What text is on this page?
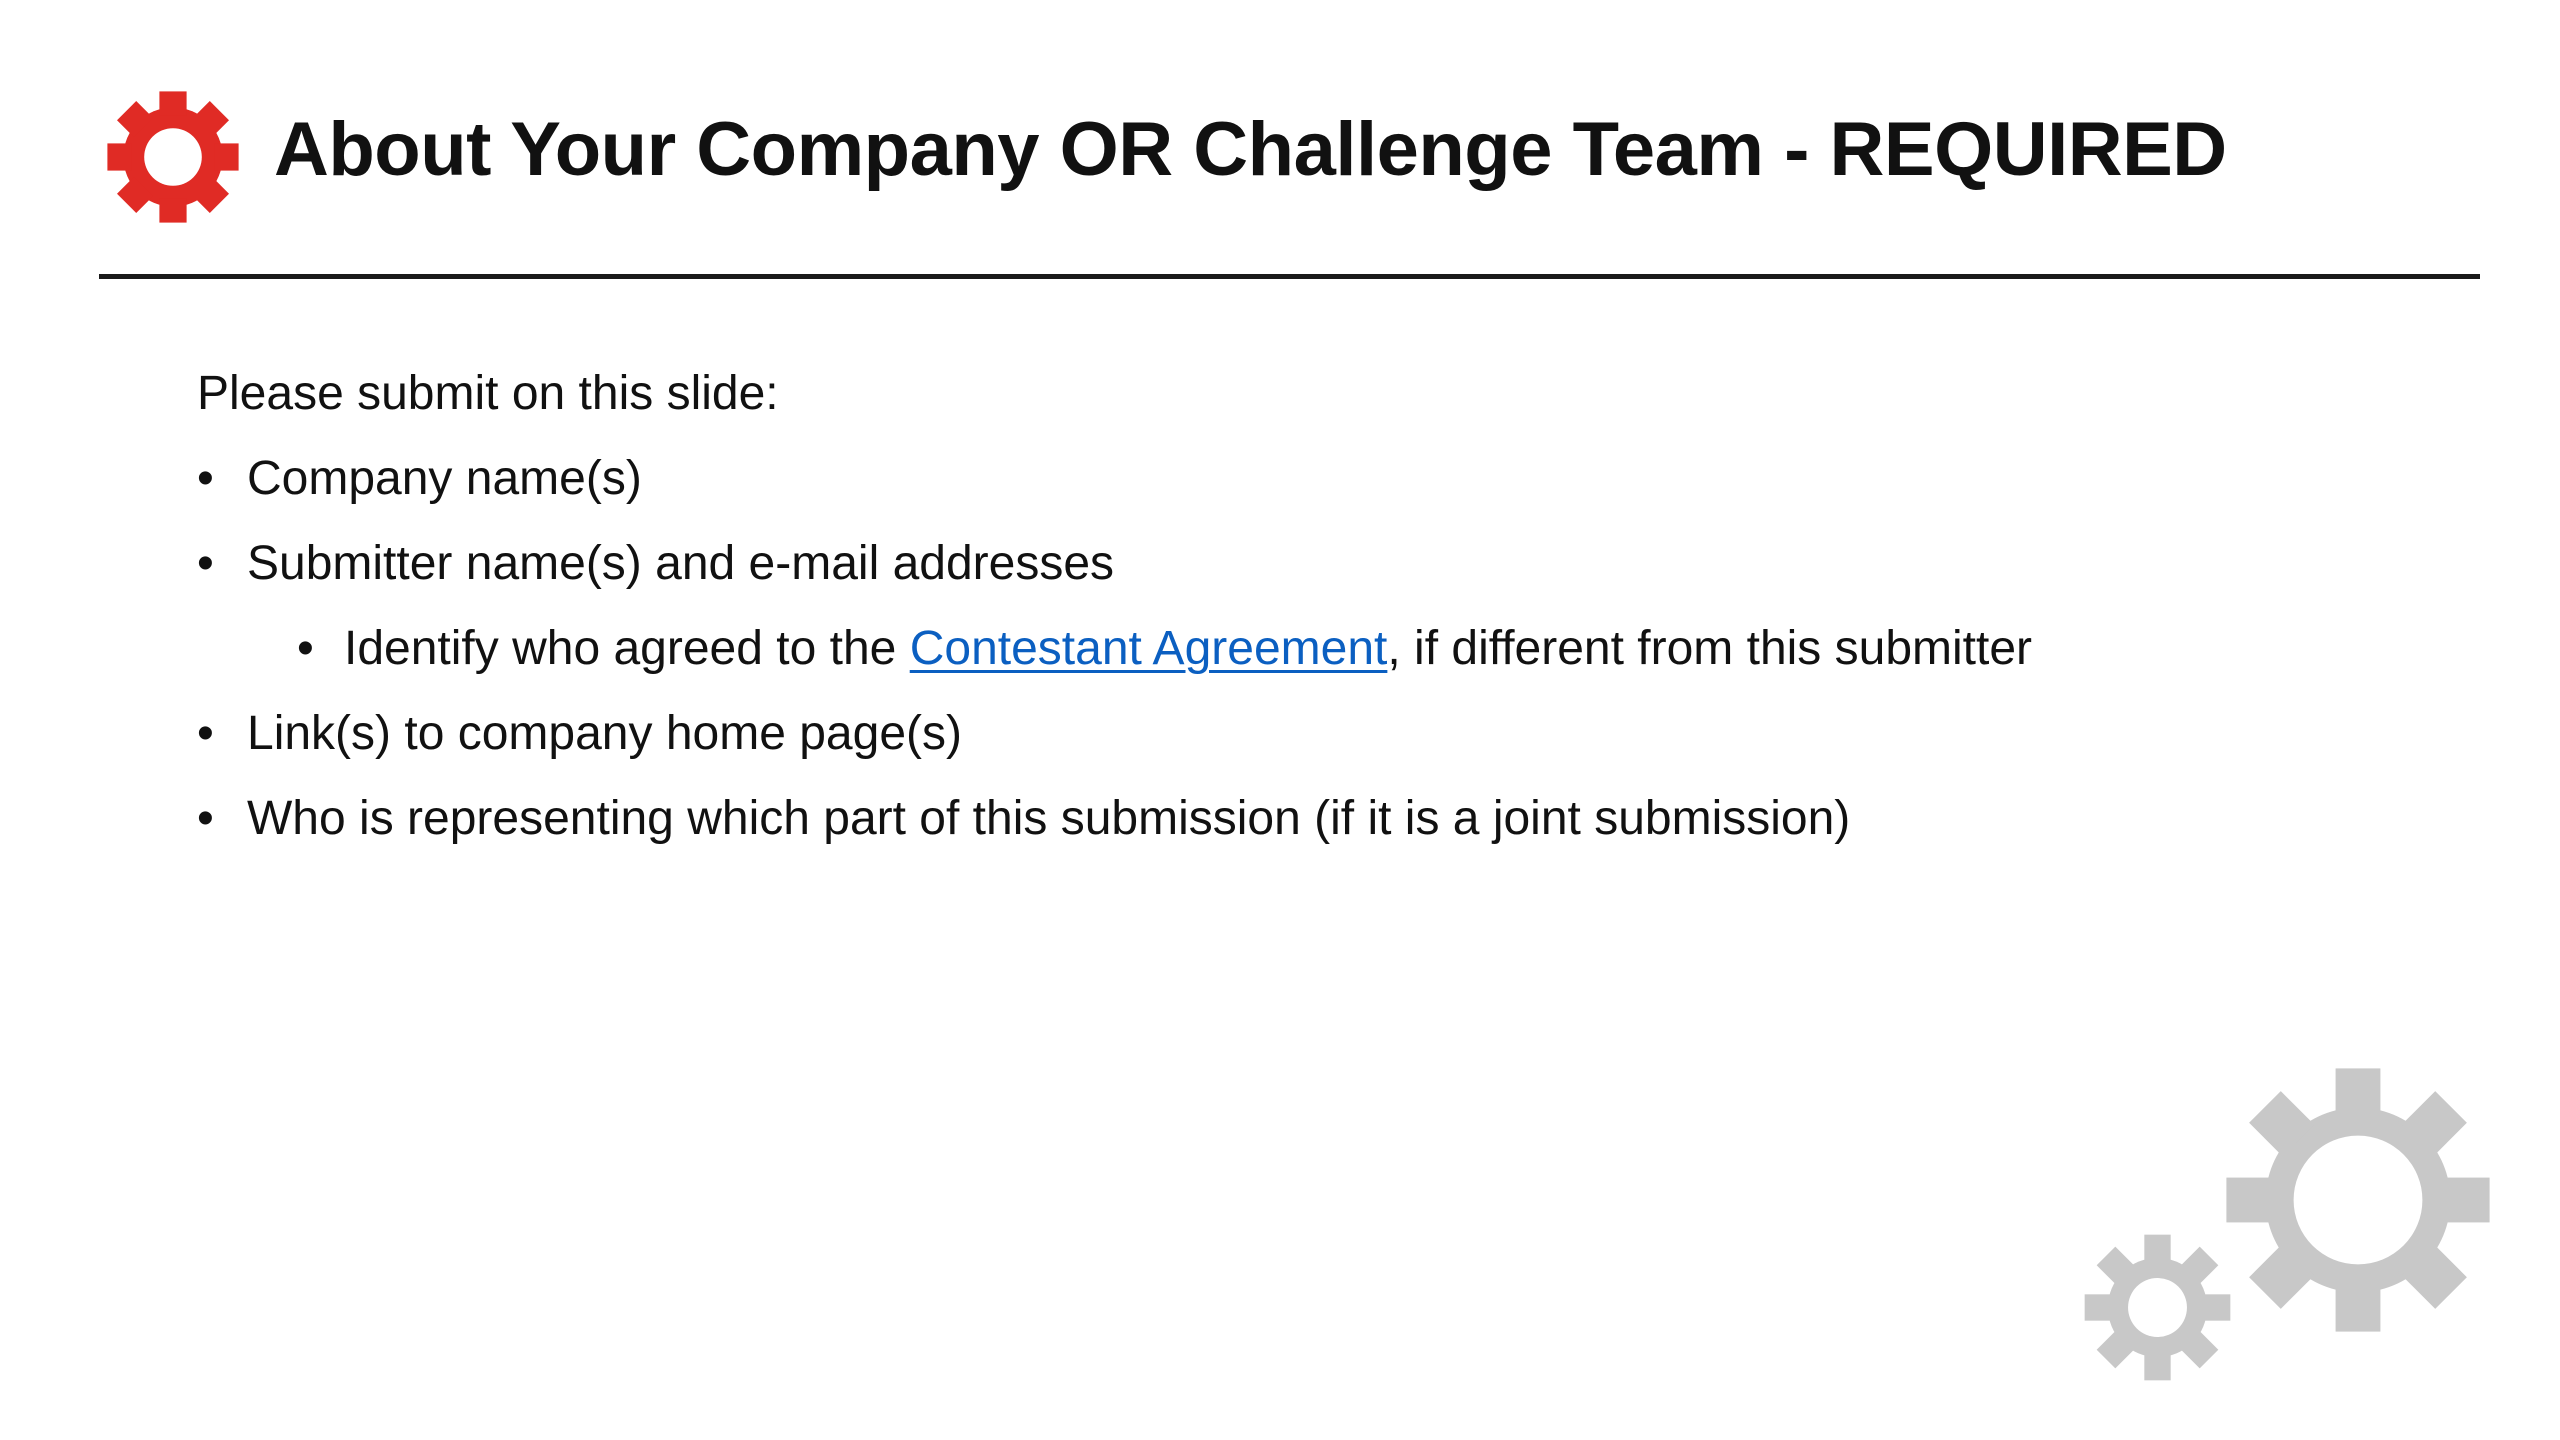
About Your Company OR Challenge Team - REQUIRED

Please submit on this slide:

• Company name(s)
• Submitter name(s) and e-mail addresses
• Identify who agreed to the Contestant Agreement, if different from this submitter
• Link(s) to company home page(s)
• Who is representing which part of this submission (if it is a joint submission)
